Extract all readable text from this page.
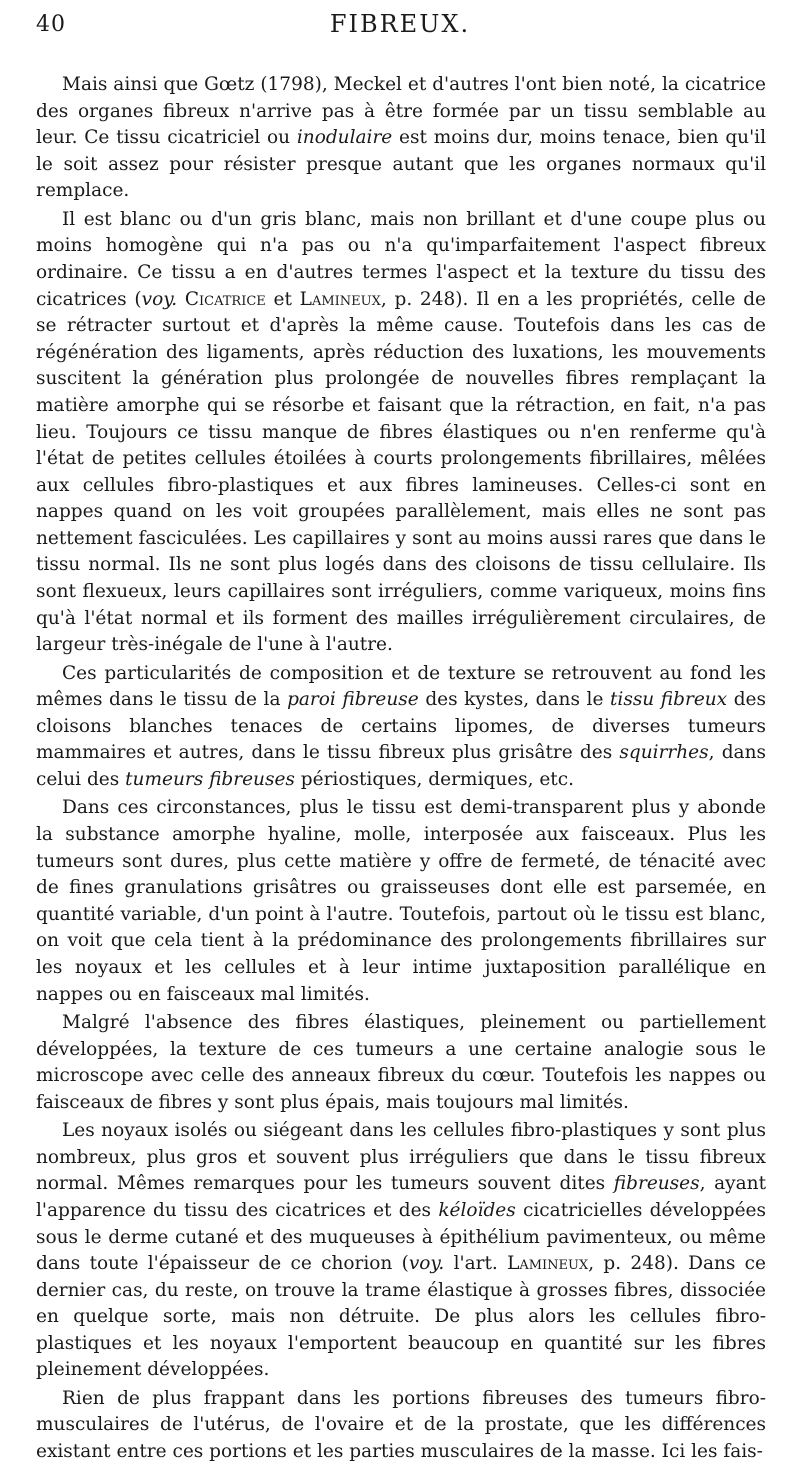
40	FIBREUX.

Mais ainsi que Gœtz (1798), Meckel et d'autres l'ont bien noté, la cicatrice des organes fibreux n'arrive pas à être formée par un tissu semblable au leur. Ce tissu cicatriciel ou inodulaire est moins dur, moins tenace, bien qu'il le soit assez pour résister presque autant que les organes normaux qu'il remplace.

Il est blanc ou d'un gris blanc, mais non brillant et d'une coupe plus ou moins homogène qui n'a pas ou n'a qu'imparfaitement l'aspect fibreux ordinaire. Ce tissu a en d'autres termes l'aspect et la texture du tissu des cicatrices (voy. Cicatrice et Lamineux, p. 248). Il en a les propriétés, celle de se rétracter surtout et d'après la même cause. Toutefois dans les cas de régénération des ligaments, après réduction des luxations, les mouvements suscitent la génération plus prolongée de nouvelles fibres remplaçant la matière amorphe qui se résorbe et faisant que la rétraction, en fait, n'a pas lieu. Toujours ce tissu manque de fibres élastiques ou n'en renferme qu'à l'état de petites cellules étoilées à courts prolongements fibrillaires, mêlées aux cellules fibro-plastiques et aux fibres lamineuses. Celles-ci sont en nappes quand on les voit groupées parallèlement, mais elles ne sont pas nettement fasciculées. Les capillaires y sont au moins aussi rares que dans le tissu normal. Ils ne sont plus logés dans des cloisons de tissu cellulaire. Ils sont flexueux, leurs capillaires sont irréguliers, comme variqueux, moins fins qu'à l'état normal et ils forment des mailles irrégulièrement circulaires, de largeur très-inégale de l'une à l'autre.

Ces particularités de composition et de texture se retrouvent au fond les mêmes dans le tissu de la paroi fibreuse des kystes, dans le tissu fibreux des cloisons blanches tenaces de certains lipomes, de diverses tumeurs mammaires et autres, dans le tissu fibreux plus grisâtre des squirrhes, dans celui des tumeurs fibreuses périostiques, dermiques, etc.

Dans ces circonstances, plus le tissu est demi-transparent plus y abonde la substance amorphe hyaline, molle, interposée aux faisceaux. Plus les tumeurs sont dures, plus cette matière y offre de fermeté, de ténacité avec de fines granulations grisâtres ou graisseuses dont elle est parsemée, en quantité variable, d'un point à l'autre. Toutefois, partout où le tissu est blanc, on voit que cela tient à la prédominance des prolongements fibrillaires sur les noyaux et les cellules et à leur intime juxtaposition parallélique en nappes ou en faisceaux mal limités.

Malgré l'absence des fibres élastiques, pleinement ou partiellement développées, la texture de ces tumeurs a une certaine analogie sous le microscope avec celle des anneaux fibreux du cœur. Toutefois les nappes ou faisceaux de fibres y sont plus épais, mais toujours mal limités.

Les noyaux isolés ou siégeant dans les cellules fibro-plastiques y sont plus nombreux, plus gros et souvent plus irréguliers que dans le tissu fibreux normal. Mêmes remarques pour les tumeurs souvent dites fibreuses, ayant l'apparence du tissu des cicatrices et des kéloïdes cicatricielles développées sous le derme cutané et des muqueuses à épithélium pavimenteux, ou même dans toute l'épaisseur de ce chorion (voy. l'art. Lamineux, p. 248). Dans ce dernier cas, du reste, on trouve la trame élastique à grosses fibres, dissociée en quelque sorte, mais non détruite. De plus alors les cellules fibro-plastiques et les noyaux l'emportent beaucoup en quantité sur les fibres pleinement développées.

Rien de plus frappant dans les portions fibreuses des tumeurs fibro-musculaires de l'utérus, de l'ovaire et de la prostate, que les différences existant entre ces portions et les parties musculaires de la masse. Ici les fais-
